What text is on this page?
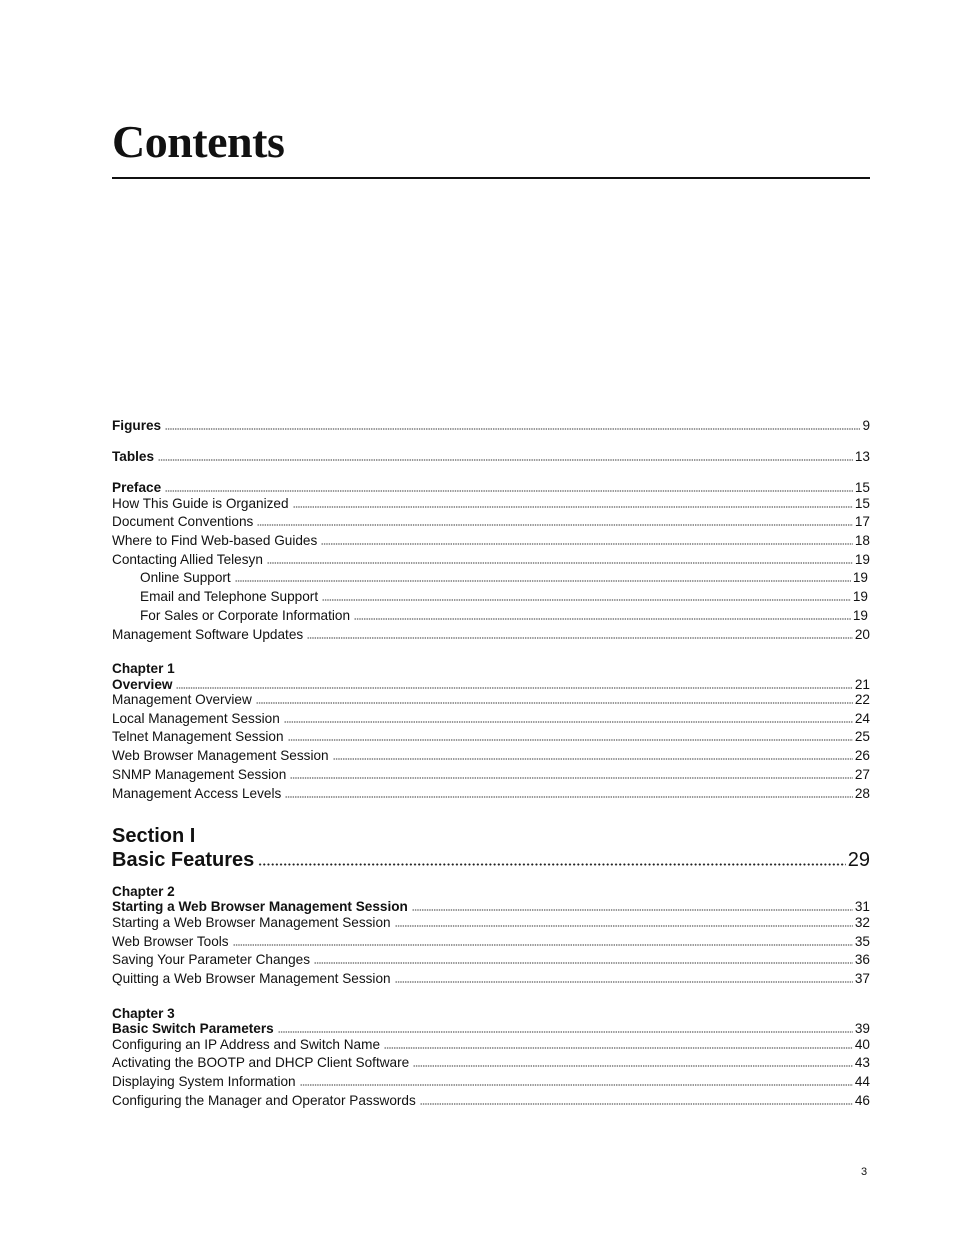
Contents
Figures	9
Tables	13
Preface	15
How This Guide is Organized	15
Document Conventions	17
Where to Find Web-based Guides	18
Contacting Allied Telesyn	19
Online Support	19
Email and Telephone Support	19
For Sales or Corporate Information	19
Management Software Updates	20
Chapter 1
Overview	21
Management Overview	22
Local Management Session	24
Telnet Management Session	25
Web Browser Management Session	26
SNMP Management Session	27
Management Access Levels	28
Section I
Basic Features	29
Chapter 2
Starting a Web Browser Management Session	31
Starting a Web Browser Management Session	32
Web Browser Tools	35
Saving Your Parameter Changes	36
Quitting a Web Browser Management Session	37
Chapter 3
Basic Switch Parameters	39
Configuring an IP Address and Switch Name	40
Activating the BOOTP and DHCP Client Software	43
Displaying System Information	44
Configuring the Manager and Operator Passwords	46
3
